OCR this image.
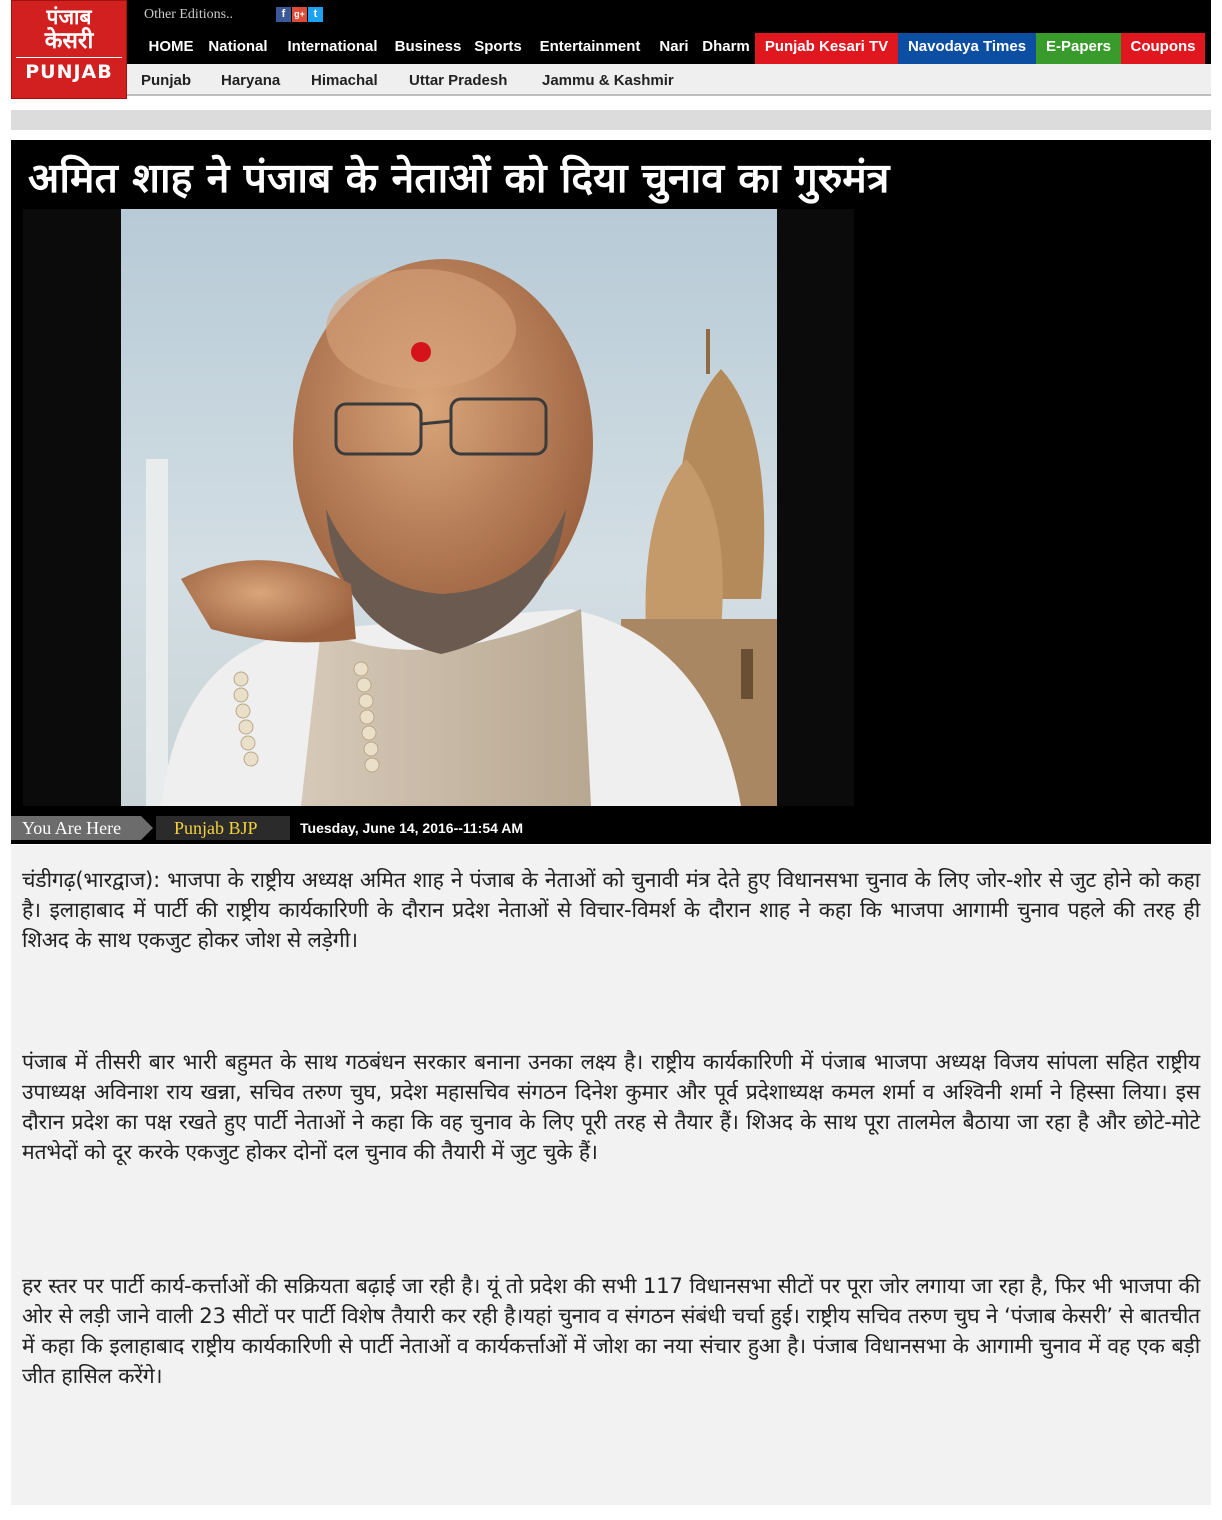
पंजाब
केसरी
PUNJAB
Other Editions..	f g+ t
HOME National	International	Business Sports	Entertainment	Nari Dharm	Punjab Kesari TV	Navodaya Times	E-Papers	Coupons
Punjab Haryana Himachal Uttar Pradesh Jammu & Kashmir
अमित शाह ने पंजाब के नेताओं को दिया चुनाव का गुरुमंत्र
You Are Here	Punjab BJP	Tuesday, June 14, 2016--11:54 AM

चंडीगढ़(भारद्वाज): भाजपा के राष्ट्रीय अध्यक्ष अमित शाह ने पंजाब के नेताओं को चुनावी मंत्र देते हुए विधानसभा चुनाव के लिए जोर-शोर से जुट होने को कहा है। इलाहाबाद में पार्टी की राष्ट्रीय कार्यकारिणी के दौरान प्रदेश नेताओं से विचार-विमर्श के दौरान शाह ने कहा कि भाजपा आगामी चुनाव पहले की तरह ही शिअद के साथ एकजुट होकर जोश से लड़ेगी।

पंजाब में तीसरी बार भारी बहुमत के साथ गठबंधन सरकार बनाना उनका लक्ष्य है। राष्ट्रीय कार्यकारिणी में पंजाब भाजपा अध्यक्ष विजय सांपला सहित राष्ट्रीय उपाध्यक्ष अविनाश राय खन्ना, सचिव तरुण चुघ, प्रदेश महासचिव संगठन दिनेश कुमार और पूर्व प्रदेशाध्यक्ष कमल शर्मा व अश्विनी शर्मा ने हिस्सा लिया। इस दौरान प्रदेश का पक्ष रखते हुए पार्टी नेताओं ने कहा कि वह चुनाव के लिए पूरी तरह से तैयार हैं। शिअद के साथ पूरा तालमेल बैठाया जा रहा है और छोटे-मोटे मतभेदों को दूर करके एकजुट होकर दोनों दल चुनाव की तैयारी में जुट चुके हैं।

हर स्तर पर पार्टी कार्य-कर्त्ताओं की सक्रियता बढ़ाई जा रही है। यूं तो प्रदेश की सभी 117 विधानसभा सीटों पर पूरा जोर लगाया जा रहा है, फिर भी भाजपा की ओर से लड़ी जाने वाली 23 सीटों पर पार्टी विशेष तैयारी कर रही है।यहां चुनाव व संगठन संबंधी चर्चा हुई। राष्ट्रीय सचिव तरुण चुघ ने ‘पंजाब केसरी’ से बातचीत में कहा कि इलाहाबाद राष्ट्रीय कार्यकारिणी से पार्टी नेताओं व कार्यकर्त्ताओं में जोश का नया संचार हुआ है। पंजाब विधानसभा के आगामी चुनाव में वह एक बड़ी जीत हासिल करेंगे।
